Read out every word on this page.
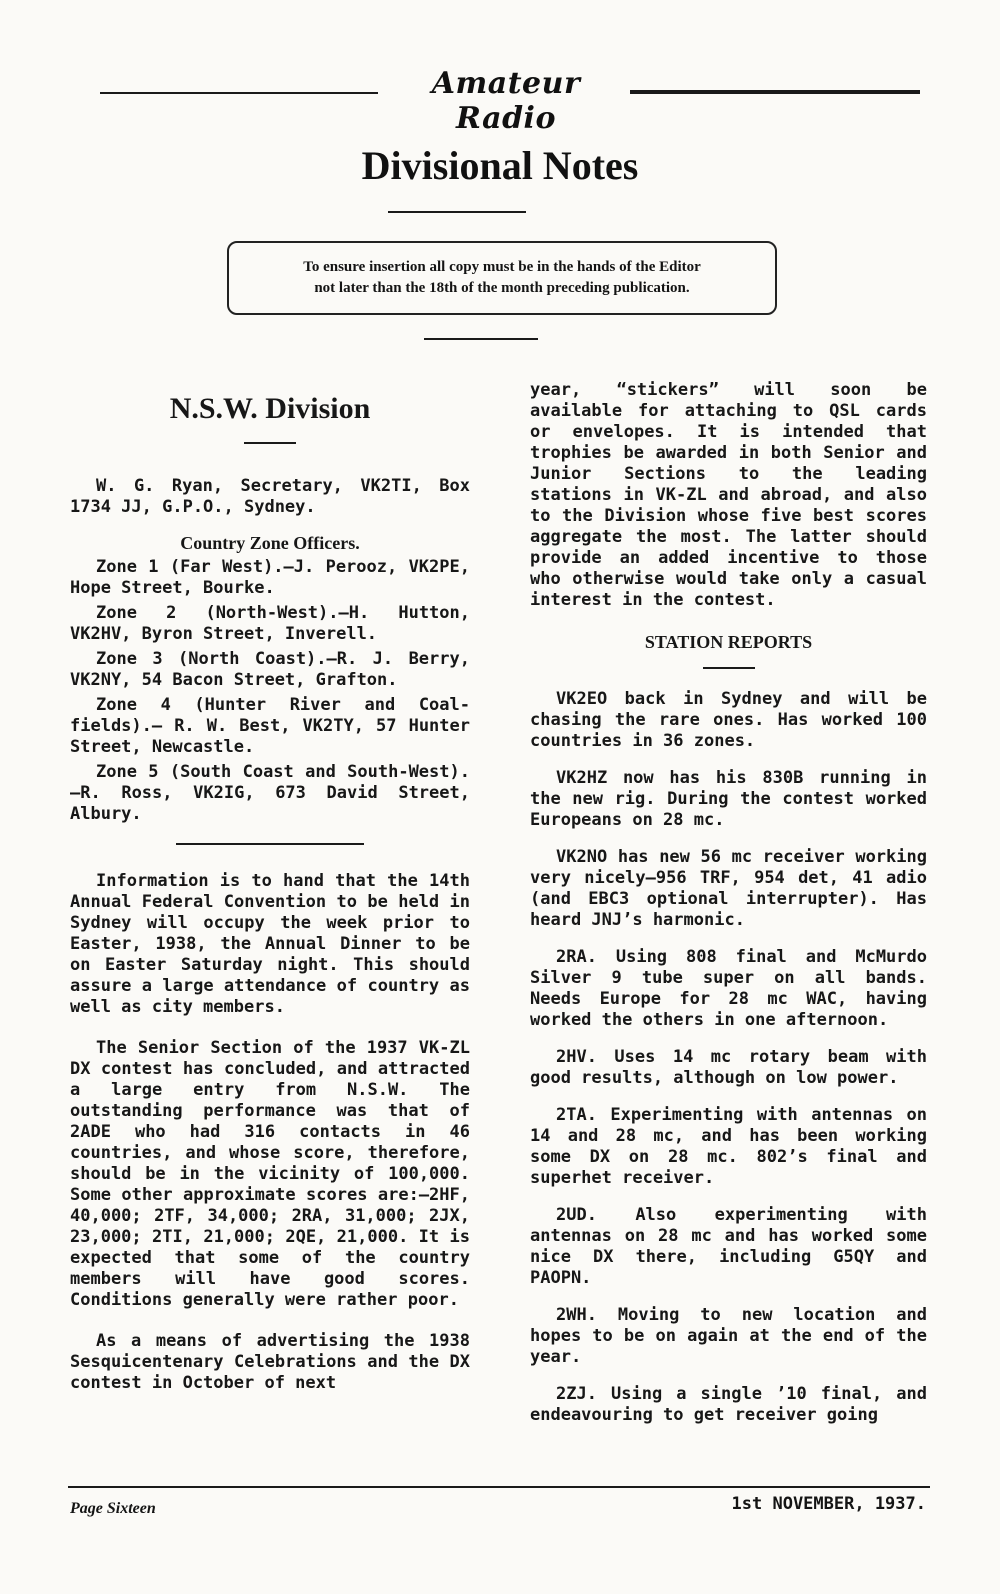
Amateur Radio
Divisional Notes
To ensure insertion all copy must be in the hands of the Editor
not later than the 18th of the month preceding publication.
N.S.W. Division

W. G. Ryan, Secretary, VK2TI, Box 1734 JJ, G.P.O., Sydney.

Country Zone Officers.

Zone 1 (Far West).—J. Perooz, VK2PE, Hope Street, Bourke.

Zone 2 (North-West).—H. Hutton, VK2HV, Byron Street, Inverell.

Zone 3 (North Coast).—R. J. Berry, VK2NY, 54 Bacon Street, Grafton.

Zone 4 (Hunter River and Coal-fields).— R. W. Best, VK2TY, 57 Hunter Street, Newcastle.

Zone 5 (South Coast and South-West).—R. Ross, VK2IG, 673 David Street, Albury.

Information is to hand that the 14th Annual Federal Convention to be held in Sydney will occupy the week prior to Easter, 1938, the Annual Dinner to be on Easter Saturday night. This should assure a large attendance of country as well as city members.

The Senior Section of the 1937 VK-ZL DX contest has concluded, and attracted a large entry from N.S.W. The outstanding performance was that of 2ADE who had 316 contacts in 46 countries, and whose score, therefore, should be in the vicinity of 100,000. Some other approximate scores are:—2HF, 40,000; 2TF, 34,000; 2RA, 31,000; 2JX, 23,000; 2TI, 21,000; 2QE, 21,000. It is expected that some of the country members will have good scores. Conditions generally were rather poor.

As a means of advertising the 1938 Sesquicentenary Celebrations and the DX contest in October of next

year, “stickers” will soon be available for attaching to QSL cards or envelopes. It is intended that trophies be awarded in both Senior and Junior Sections to the leading stations in VK-ZL and abroad, and also to the Division whose five best scores aggregate the most. The latter should provide an added incentive to those who otherwise would take only a casual interest in the contest.

STATION REPORTS

VK2EO back in Sydney and will be chasing the rare ones. Has worked 100 countries in 36 zones.

VK2HZ now has his 830B running in the new rig. During the contest worked Europeans on 28 mc.

VK2NO has new 56 mc receiver working very nicely—956 TRF, 954 det, 41 adio (and EBC3 optional interrupter). Has heard JNJ’s harmonic.

2RA. Using 808 final and McMurdo Silver 9 tube super on all bands. Needs Europe for 28 mc WAC, having worked the others in one afternoon.

2HV. Uses 14 mc rotary beam with good results, although on low power.

2TA. Experimenting with antennas on 14 and 28 mc, and has been working some DX on 28 mc. 802’s final and superhet receiver.

2UD. Also experimenting with antennas on 28 mc and has worked some nice DX there, including G5QY and PAOPN.

2WH. Moving to new location and hopes to be on again at the end of the year.

2ZJ. Using a single ’10 final, and endeavouring to get receiver going

Page Sixteen	1st NOVEMBER, 1937.
